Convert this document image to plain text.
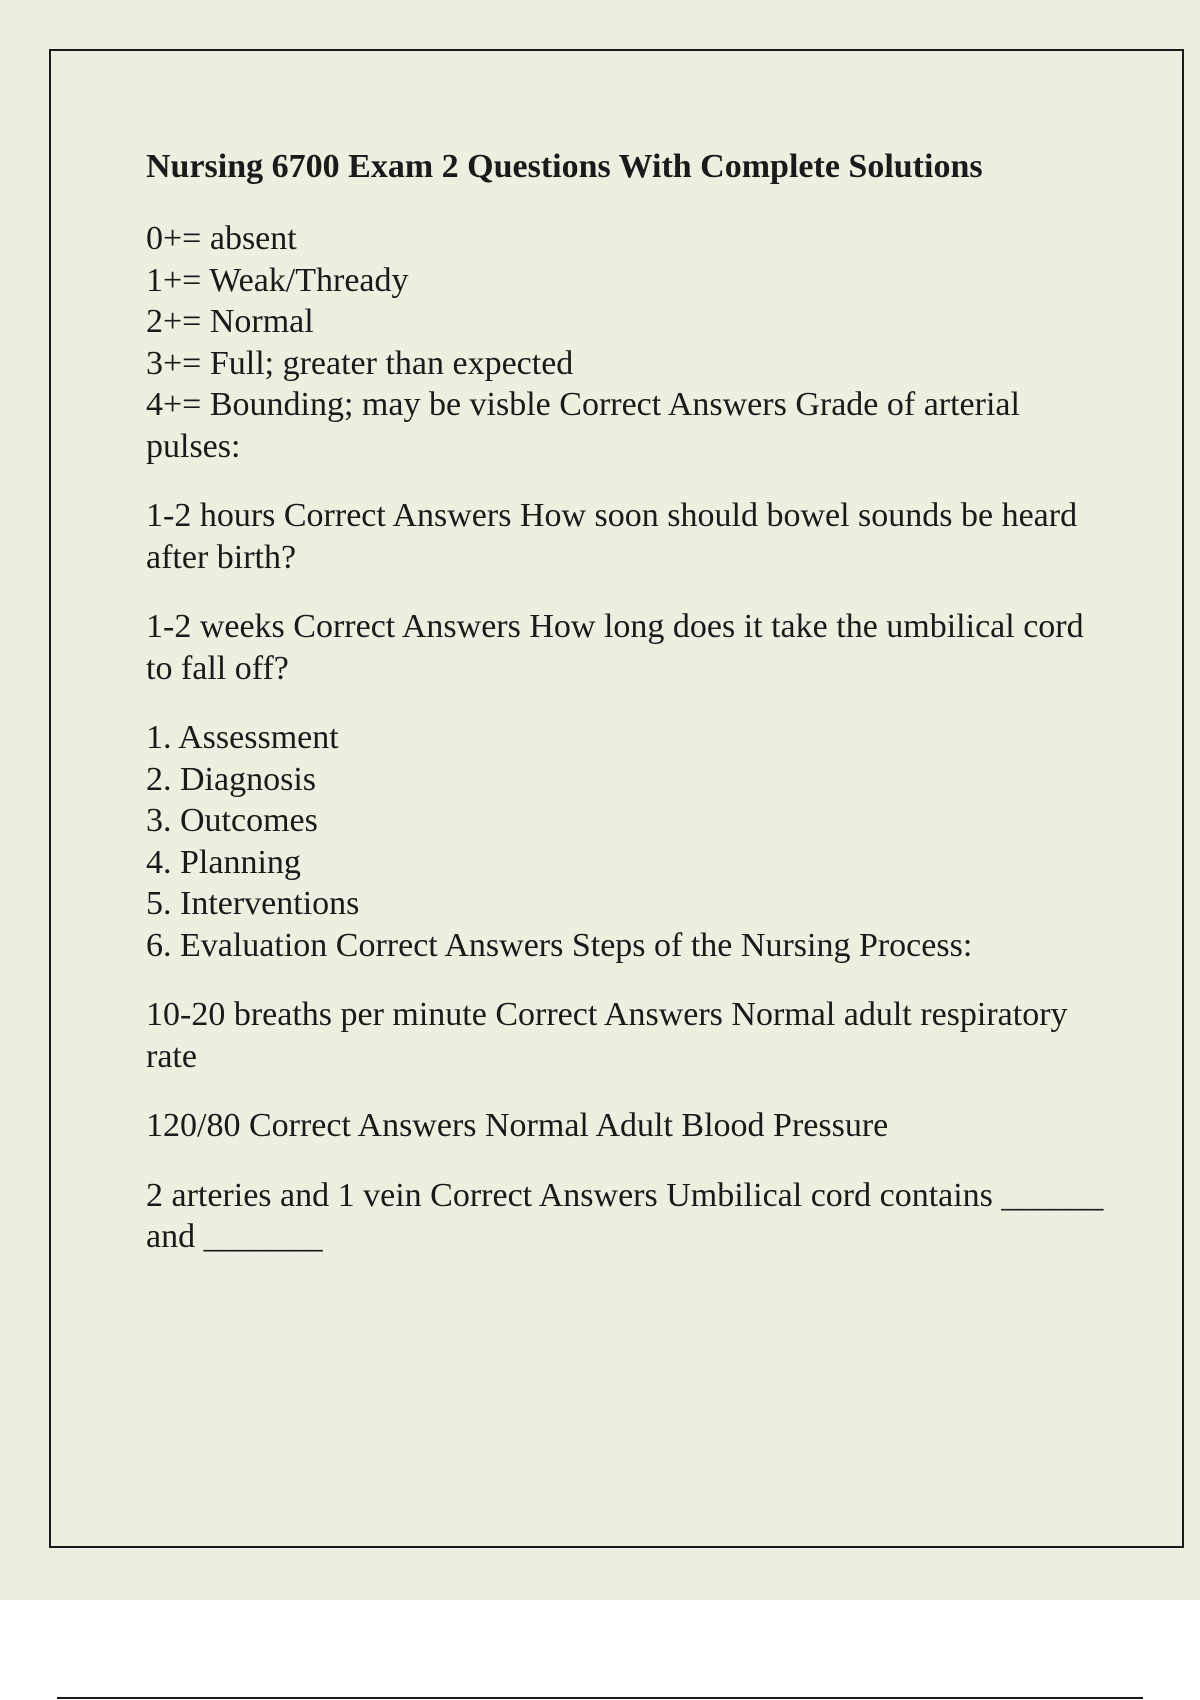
Nursing 6700 Exam 2 Questions With Complete Solutions
0+= absent
1+= Weak/Thready
2+= Normal
3+= Full; greater than expected
4+= Bounding; may be visble Correct Answers Grade of arterial pulses:
1-2 hours Correct Answers How soon should bowel sounds be heard after birth?
1-2 weeks Correct Answers How long does it take the umbilical cord to fall off?
1. Assessment
2. Diagnosis
3. Outcomes
4. Planning
5. Interventions
6. Evaluation Correct Answers Steps of the Nursing Process:
10-20 breaths per minute Correct Answers Normal adult respiratory rate
120/80 Correct Answers Normal Adult Blood Pressure
2 arteries and 1 vein Correct Answers Umbilical cord contains ______ and _______
